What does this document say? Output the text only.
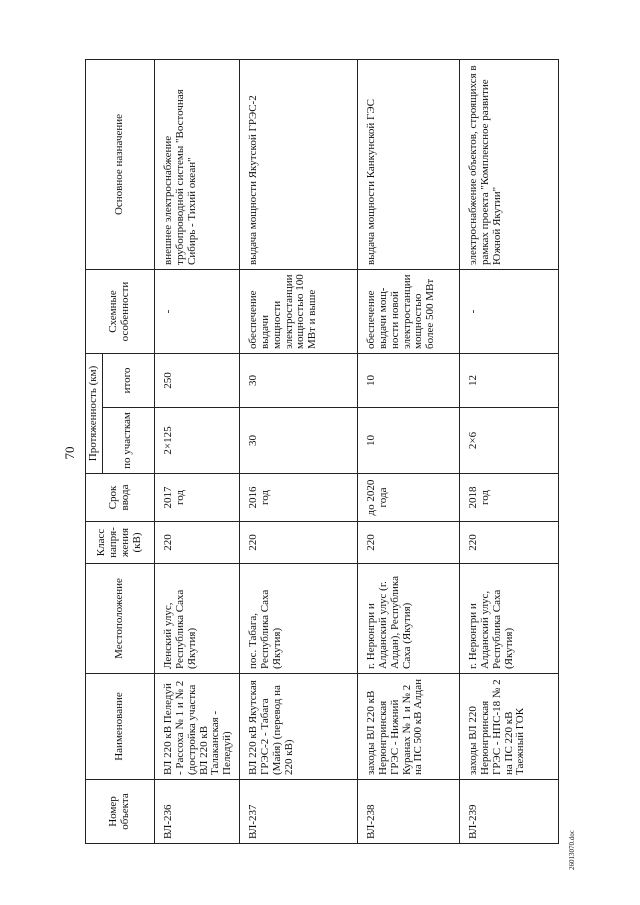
70
Номер объекта	Наименование	Местоположение	Класс напря-жения (кВ)	Срок ввода	Протяженность (км)		Схемные особенности	Основное назначение
					по участкам	итого		
ВЛ-236	ВЛ 220 кВ Пеледуй - Рассоха № 1 и № 2 (достройка участка ВЛ 220 кВ Талаканская - Пеледуй)	Ленский улус, Республика Саха (Якутия)	220	2017 год	2×125	250	-	внешнее электроснабжение трубопроводной системы "Восточная Сибирь - Тихий океан"
ВЛ-237	ВЛ 220 кВ Якутская ГРЭС-2 - Табага (Майя) (перевод на 220 кВ)	пос. Табага, Республика Саха (Якутия)	220	2016 год	30	30	обеспечение выдачи мощности электростанции мощностью 100 МВт и выше	выдача мощности Якутской ГРЭС-2
ВЛ-238	заходы ВЛ 220 кВ Нерюнгринская ГРЭС - Нижний Куранах № 1 и № 2 на ПС 500 кВ Алдан	г. Нерюнгри и Алданский улус (г. Алдан), Республика Саха (Якутия)	220	до 2020 года	10	10	обеспечение выдачи мощ-ности новой электростанции мощностью более 500 МВт	выдача мощности Канкунской ГЭС
ВЛ-239	заходы ВЛ 220 Нерюнгринская ГРЭС - НПС-18 № 2 на ПС 220 кВ Таежный ГОК	г. Нерюнгри и Алданский улус, Республика Саха (Якутия)	220	2018 год	2×6	12	-	электроснабжение объектов, строящихся в рамках проекта "Комплексное развитие Южной Якутии"
26013070.doc
